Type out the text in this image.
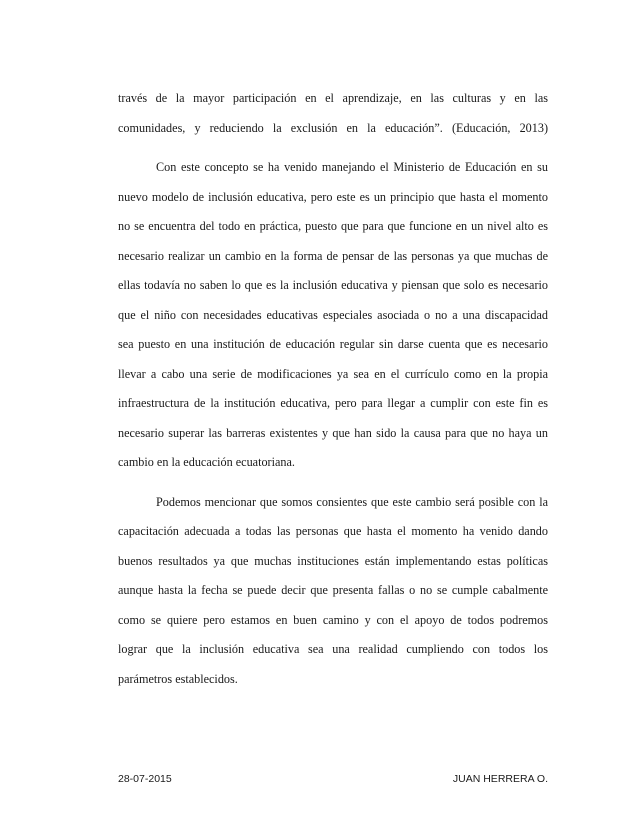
través de la mayor participación en el aprendizaje, en las culturas y en las
comunidades, y reduciendo la exclusión en la educación”. (Educación, 2013)
Con este concepto se ha venido manejando el Ministerio de Educación en su
nuevo modelo de inclusión educativa, pero este es un principio que hasta el momento
no se encuentra del todo en práctica, puesto que para que funcione en un nivel alto es
necesario realizar un cambio en la forma de pensar de las personas ya que muchas de
ellas todavía no saben lo que es la inclusión educativa y piensan que solo es necesario
que el niño con necesidades educativas especiales asociada o no a una discapacidad
sea puesto en una institución de educación regular sin darse cuenta que es necesario
llevar a cabo una serie de modificaciones ya sea en el currículo como en la propia
infraestructura de la institución educativa, pero para llegar a cumplir con este fin es
necesario superar las barreras existentes y que han sido la causa para que no haya un
cambio en la educación ecuatoriana.
Podemos mencionar que somos consientes que este cambio será posible con la
capacitación adecuada a todas las personas que hasta el momento ha venido dando
buenos resultados ya que muchas instituciones están implementando estas políticas
aunque hasta la fecha se puede decir que presenta fallas o no se cumple cabalmente
como se quiere pero estamos en buen camino y con el apoyo de todos podremos
lograr que la inclusión educativa sea una realidad cumpliendo con todos los
parámetros establecidos.
28-07-2015	JUAN HERRERA O.
